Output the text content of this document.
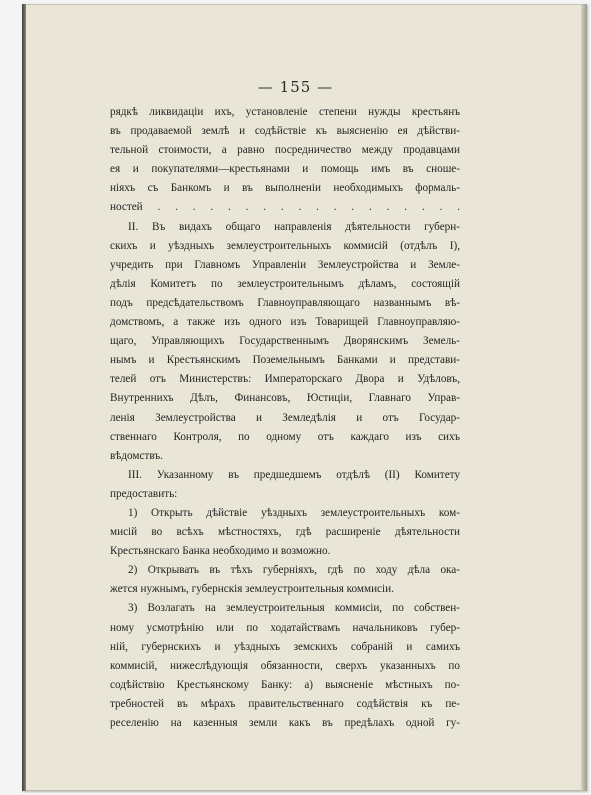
— 155 —
рядкѣ ликвидаціи ихъ, установленіе степени нужды крестьянъ
въ продаваемой землѣ и содѣйствіе къ выясненію ея дѣйстви-
тельной стоимости, а равно посредничество между продавцами
ея и покупателями—крестьянами и помощь имъ въ сноше-
ніяхъ съ Банкомъ и въ выполненіи необходимыхъ формаль-
ностей . . . . . . . . . . . . . . . . . .
II. Въ видахъ общаго направленія дѣятельности губерн-
скихъ и уѣздныхъ землеустроительныхъ коммисій (отдѣлъ I),
учредить при Главномъ Управленіи Землеустройства и Земле-
дѣлія Комитетъ по землеустроительнымъ дѣламъ, состоящій
подъ предсѣдательствомъ Главноуправляющаго названнымъ вѣ-
домствомъ, а также изъ одного изъ Товарищей Главноуправляю-
щаго, Управляющихъ Государственнымъ Дворянскимъ Земель-
нымъ и Крестьянскимъ Поземельнымъ Банками и представи-
телей отъ Министерствъ: Императорскаго Двора и Удѣловъ,
Внутреннихъ Дѣлъ, Финансовъ, Юстиціи, Главнаго Управ-
ленія Землеустройства и Земледѣлія и отъ Государ-
ственнаго Контроля, по одному отъ каждаго изъ сихъ
вѣдомствъ.
III. Указанному въ предшедшемъ отдѣлѣ (II) Комитету
предоставить:
1) Открыть дѣйствіе уѣздныхъ землеустроительныхъ ком-
мисій во всѣхъ мѣстностяхъ, гдѣ расширеніе дѣятельности
Крестьянскаго Банка необходимо и возможно.
2) Открывать въ тѣхъ губерніяхъ, гдѣ по ходу дѣла ока-
жется нужнымъ, губернскія землеустроительныя коммисіи.
3) Возлагать на землеустроительныя коммисіи, по собствен-
ному усмотрѣнію или по ходатайствамъ начальниковъ губер-
ній, губернскихъ и уѣздныхъ земскихъ собраній и самихъ
коммисій, нижеслѣдующія обязанности, сверхъ указанныхъ по
содѣйствію Крестьянскому Банку: а) выясненіе мѣстныхъ по-
требностей въ мѣрахъ правительственнаго содѣйствія къ пе-
реселенію на казенныя земли какъ въ предѣлахъ одной гу-
